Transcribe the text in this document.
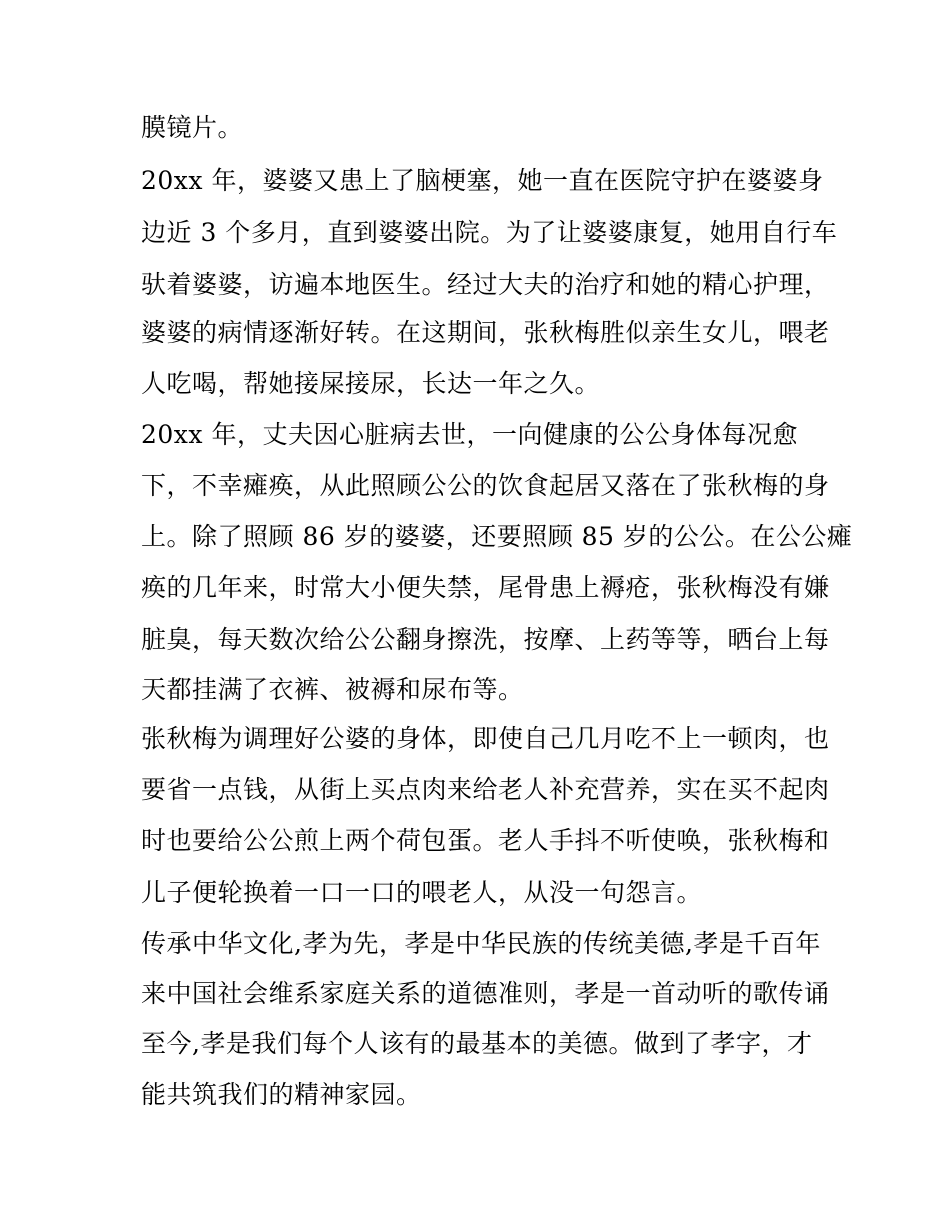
膜镜片。
20xx 年，婆婆又患上了脑梗塞，她一直在医院守护在婆婆身
边近 3 个多月，直到婆婆出院。为了让婆婆康复，她用自行车
驮着婆婆，访遍本地医生。经过大夫的治疗和她的精心护理，
婆婆的病情逐渐好转。在这期间，张秋梅胜似亲生女儿，喂老
人吃喝，帮她接屎接尿，长达一年之久。
20xx 年，丈夫因心脏病去世，一向健康的公公身体每况愈
下，不幸瘫痪，从此照顾公公的饮食起居又落在了张秋梅的身
上。除了照顾 86 岁的婆婆，还要照顾 85 岁的公公。在公公瘫
痪的几年来，时常大小便失禁，尾骨患上褥疮，张秋梅没有嫌
脏臭，每天数次给公公翻身擦洗，按摩、上药等等，晒台上每
天都挂满了衣裤、被褥和尿布等。
张秋梅为调理好公婆的身体，即使自己几月吃不上一顿肉，也
要省一点钱，从街上买点肉来给老人补充营养，实在买不起肉
时也要给公公煎上两个荷包蛋。老人手抖不听使唤，张秋梅和
儿子便轮换着一口一口的喂老人，从没一句怨言。
传承中华文化,孝为先，孝是中华民族的传统美德,孝是千百年
来中国社会维系家庭关系的道德准则，孝是一首动听的歌传诵
至今,孝是我们每个人该有的最基本的美德。做到了孝字，才
能共筑我们的精神家园。
